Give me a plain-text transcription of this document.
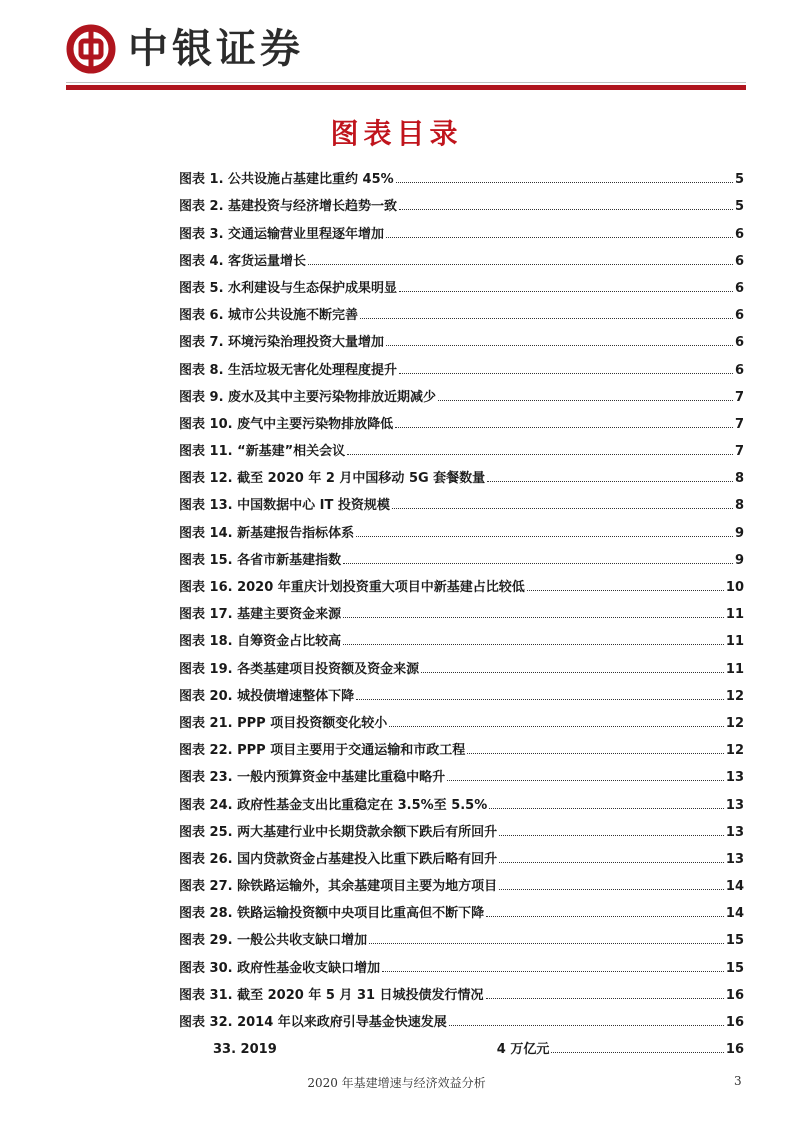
中银证券
图表目录
图表 1. 公共设施占基建比重约 45%	5
图表 2. 基建投资与经济增长趋势一致	5
图表 3. 交通运输营业里程逐年增加	6
图表 4. 客货运量增长	6
图表 5. 水利建设与生态保护成果明显	6
图表 6. 城市公共设施不断完善	6
图表 7. 环境污染治理投资大量增加	6
图表 8. 生活垃圾无害化处理程度提升	6
图表 9. 废水及其中主要污染物排放近期减少	7
图表 10. 废气中主要污染物排放降低	7
图表 11. “新基建”相关会议	7
图表 12. 截至 2020 年 2 月中国移动 5G 套餐数量	8
图表 13. 中国数据中心 IT 投资规模	8
图表 14. 新基建报告指标体系	9
图表 15. 各省市新基建指数	9
图表 16. 2020 年重庆计划投资重大项目中新基建占比较低	10
图表 17. 基建主要资金来源	11
图表 18. 自筹资金占比较高	11
图表 19. 各类基建项目投资额及资金来源	11
图表 20. 城投债增速整体下降	12
图表 21. PPP 项目投资额变化较小	12
图表 22. PPP 项目主要用于交通运输和市政工程	12
图表 23. 一般内预算资金中基建比重稳中略升	13
图表 24. 政府性基金支出比重稳定在 3.5%至 5.5%	13
图表 25. 两大基建行业中长期贷款余额下跌后有所回升	13
图表 26. 国内贷款资金占基建投入比重下跌后略有回升	13
图表 27. 除铁路运输外，其余基建项目主要为地方项目	14
图表 28. 铁路运输投资额中央项目比重高但不断下降	14
图表 29. 一般公共收支缺口增加	15
图表 30. 政府性基金收支缺口增加	15
图表 31. 截至 2020 年 5 月 31 日城投债发行情况	16
图表 32. 2014 年以来政府引导基金快速发展	16
33. 2019	4 万亿元	16
2020 年基建增速与经济效益分析	3
